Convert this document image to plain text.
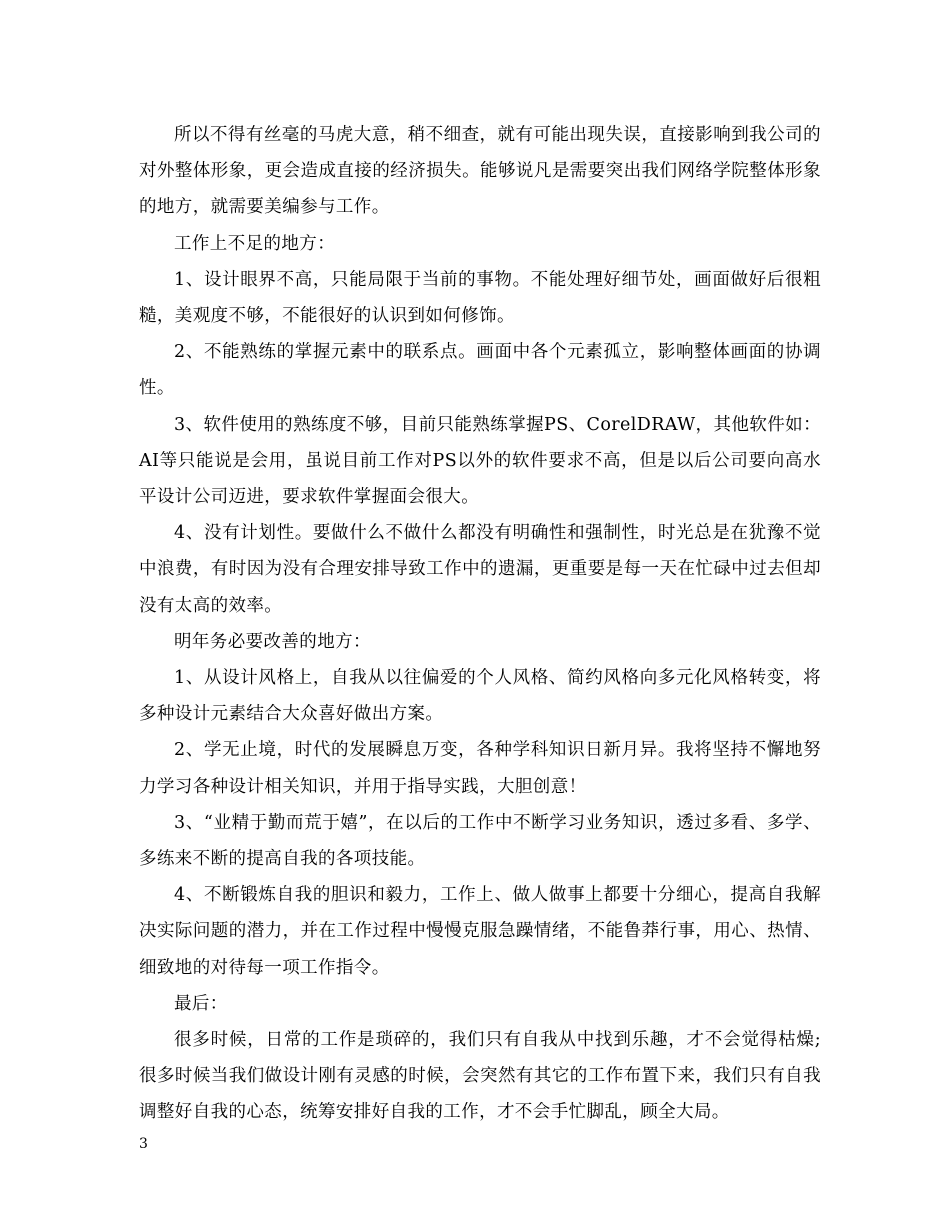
所以不得有丝毫的马虎大意，稍不细查，就有可能出现失误，直接影响到我公司的对外整体形象，更会造成直接的经济损失。能够说凡是需要突出我们网络学院整体形象的地方，就需要美编参与工作。

工作上不足的地方：

1、设计眼界不高，只能局限于当前的事物。不能处理好细节处，画面做好后很粗糙，美观度不够，不能很好的认识到如何修饰。

2、不能熟练的掌握元素中的联系点。画面中各个元素孤立，影响整体画面的协调性。

3、软件使用的熟练度不够，目前只能熟练掌握PS、CorelDRAW，其他软件如：AI等只能说是会用，虽说目前工作对PS以外的软件要求不高，但是以后公司要向高水平设计公司迈进，要求软件掌握面会很大。

4、没有计划性。要做什么不做什么都没有明确性和强制性，时光总是在犹豫不觉中浪费，有时因为没有合理安排导致工作中的遗漏，更重要是每一天在忙碌中过去但却没有太高的效率。

明年务必要改善的地方：

1、从设计风格上，自我从以往偏爱的个人风格、简约风格向多元化风格转变，将多种设计元素结合大众喜好做出方案。

2、学无止境，时代的发展瞬息万变，各种学科知识日新月异。我将坚持不懈地努力学习各种设计相关知识，并用于指导实践，大胆创意！

3、“业精于勤而荒于嬉”，在以后的工作中不断学习业务知识，透过多看、多学、多练来不断的提高自我的各项技能。

4、不断锻炼自我的胆识和毅力，工作上、做人做事上都要十分细心，提高自我解决实际问题的潜力，并在工作过程中慢慢克服急躁情绪，不能鲁莽行事，用心、热情、细致地的对待每一项工作指令。

最后：

很多时候，日常的工作是琐碎的，我们只有自我从中找到乐趣，才不会觉得枯燥;很多时候当我们做设计刚有灵感的时候，会突然有其它的工作布置下来，我们只有自我调整好自我的心态，统筹安排好自我的工作，才不会手忙脚乱，顾全大局。

3
